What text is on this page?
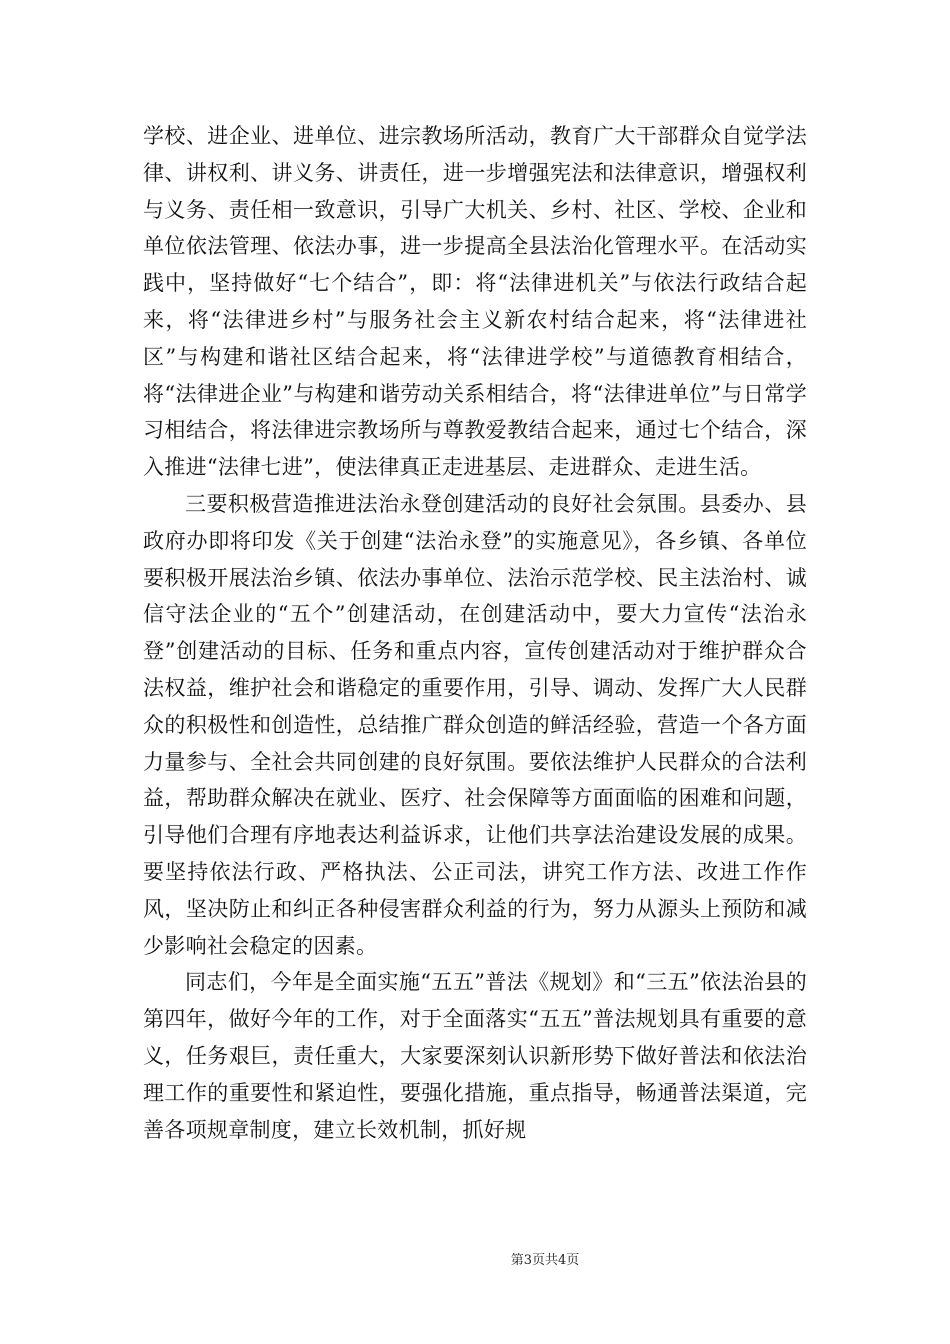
学校、进企业、进单位、进宗教场所活动，教育广大干部群众自觉学法律、讲权利、讲义务、讲责任，进一步增强宪法和法律意识，增强权利与义务、责任相一致意识，引导广大机关、乡村、社区、学校、企业和单位依法管理、依法办事，进一步提高全县法治化管理水平。在活动实践中，坚持做好“七个结合”，即：将“法律进机关”与依法行政结合起来，将“法律进乡村”与服务社会主义新农村结合起来，将“法律进社区”与构建和谐社区结合起来，将“法律进学校”与道德教育相结合，将“法律进企业”与构建和谐劳动关系相结合，将“法律进单位”与日常学习相结合，将法律进宗教场所与尊教爱教结合起来，通过七个结合，深入推进“法律七进”，使法律真正走进基层、走进群众、走进生活。

三要积极营造推进法治永登创建活动的良好社会氛围。县委办、县政府办即将印发《关于创建“法治永登”的实施意见》，各乡镇、各单位要积极开展法治乡镇、依法办事单位、法治示范学校、民主法治村、诚信守法企业的“五个”创建活动，在创建活动中，要大力宣传“法治永登”创建活动的目标、任务和重点内容，宣传创建活动对于维护群众合法权益，维护社会和谐稳定的重要作用，引导、调动、发挥广大人民群众的积极性和创造性，总结推广群众创造的鲜活经验，营造一个各方面力量参与、全社会共同创建的良好氛围。要依法维护人民群众的合法利益，帮助群众解决在就业、医疗、社会保障等方面面临的困难和问题，引导他们合理有序地表达利益诉求，让他们共享法治建设发展的成果。要坚持依法行政、严格执法、公正司法，讲究工作方法、改进工作作风，坚决防止和纠正各种侵害群众利益的行为，努力从源头上预防和减少影响社会稳定的因素。

同志们，今年是全面实施“五五”普法《规划》和“三五”依法治县的第四年，做好今年的工作，对于全面落实“五五”普法规划具有重要的意义，任务艰巨，责任重大，大家要深刻认识新形势下做好普法和依法治理工作的重要性和紧迫性，要强化措施，重点指导，畅通普法渠道，完善各项规章制度，建立长效机制，抓好规

第3页共4页
